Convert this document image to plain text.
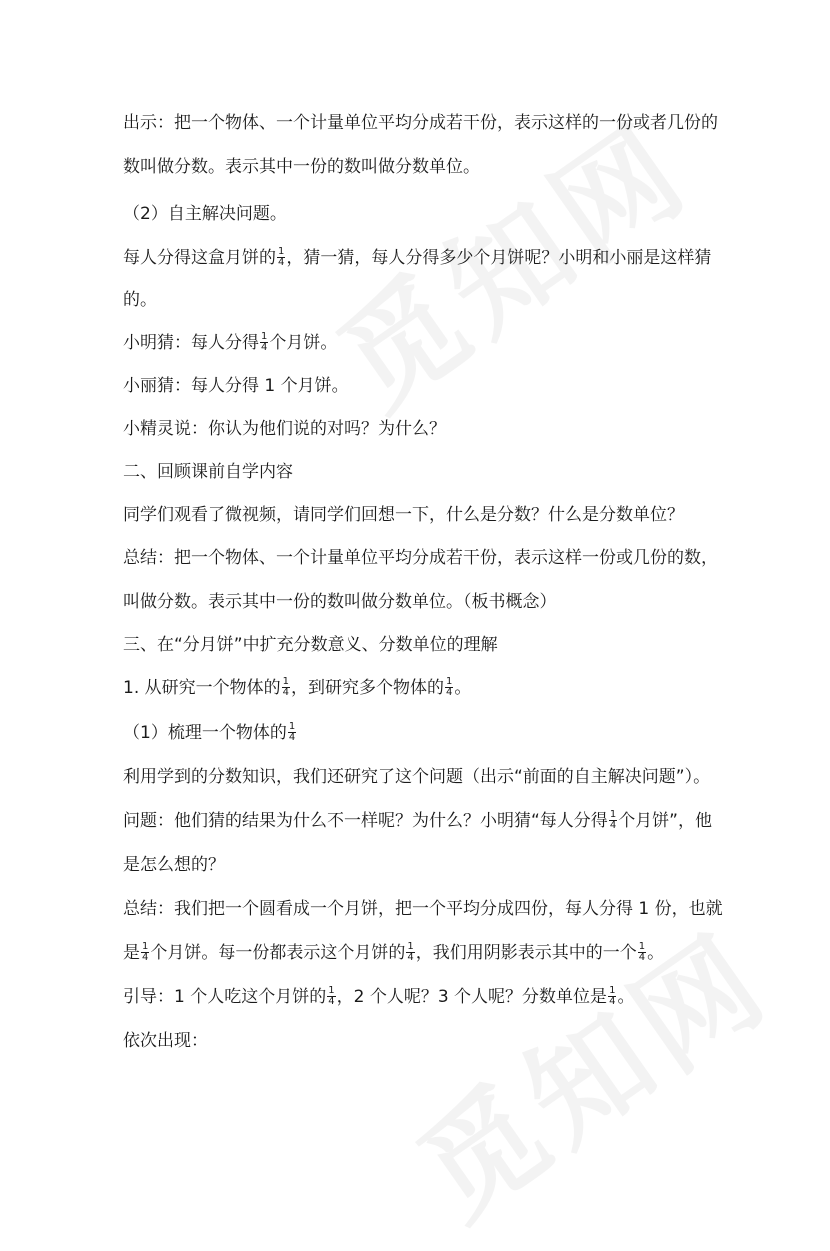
出示：把一个物体、一个计量单位平均分成若干份，表示这样的一份或者几份的
数叫做分数。表示其中一份的数叫做分数单位。
（2）自主解决问题。
每人分得这盒月饼的 $\frac{1}{4}$ ，猜一猜，每人分得多少个月饼呢？小明和小丽是这样猜
的。
小明猜：每人分得 $\frac{1}{4}$ 个月饼。
小丽猜：每人分得 1 个月饼。
小精灵说：你认为他们说的对吗？为什么？
二、回顾课前自学内容
同学们观看了微视频，请同学们回想一下，什么是分数？什么是分数单位？
总结：把一个物体、一个计量单位平均分成若干份，表示这样一份或几份的数，
叫做分数。表示其中一份的数叫做分数单位。（板书概念）
三、在“分月饼”中扩充分数意义、分数单位的理解
1. 从研究一个物体的 $\frac{1}{4}$ ，到研究多个物体的 $\frac{1}{4}$ 。
（1）梳理一个物体的 $\frac{1}{4}$
利用学到的分数知识，我们还研究了这个问题（出示“前面的自主解决问题”）。
问题：他们猜的结果为什么不一样呢？为什么？小明猜“每人分得 $\frac{1}{4}$ 个月饼”，他
是怎么想的？
总结：我们把一个圆看成一个月饼，把一个平均分成四份，每人分得 1 份，也就
是 $\frac{1}{4}$ 个月饼。每一份都表示这个月饼的 $\frac{1}{4}$ ，我们用阴影表示其中的一个 $\frac{1}{4}$ 。
引导：1 个人吃这个月饼的 $\frac{1}{4}$ ，2 个人呢？3 个人呢？分数单位是 $\frac{1}{4}$ 。
依次出现：
